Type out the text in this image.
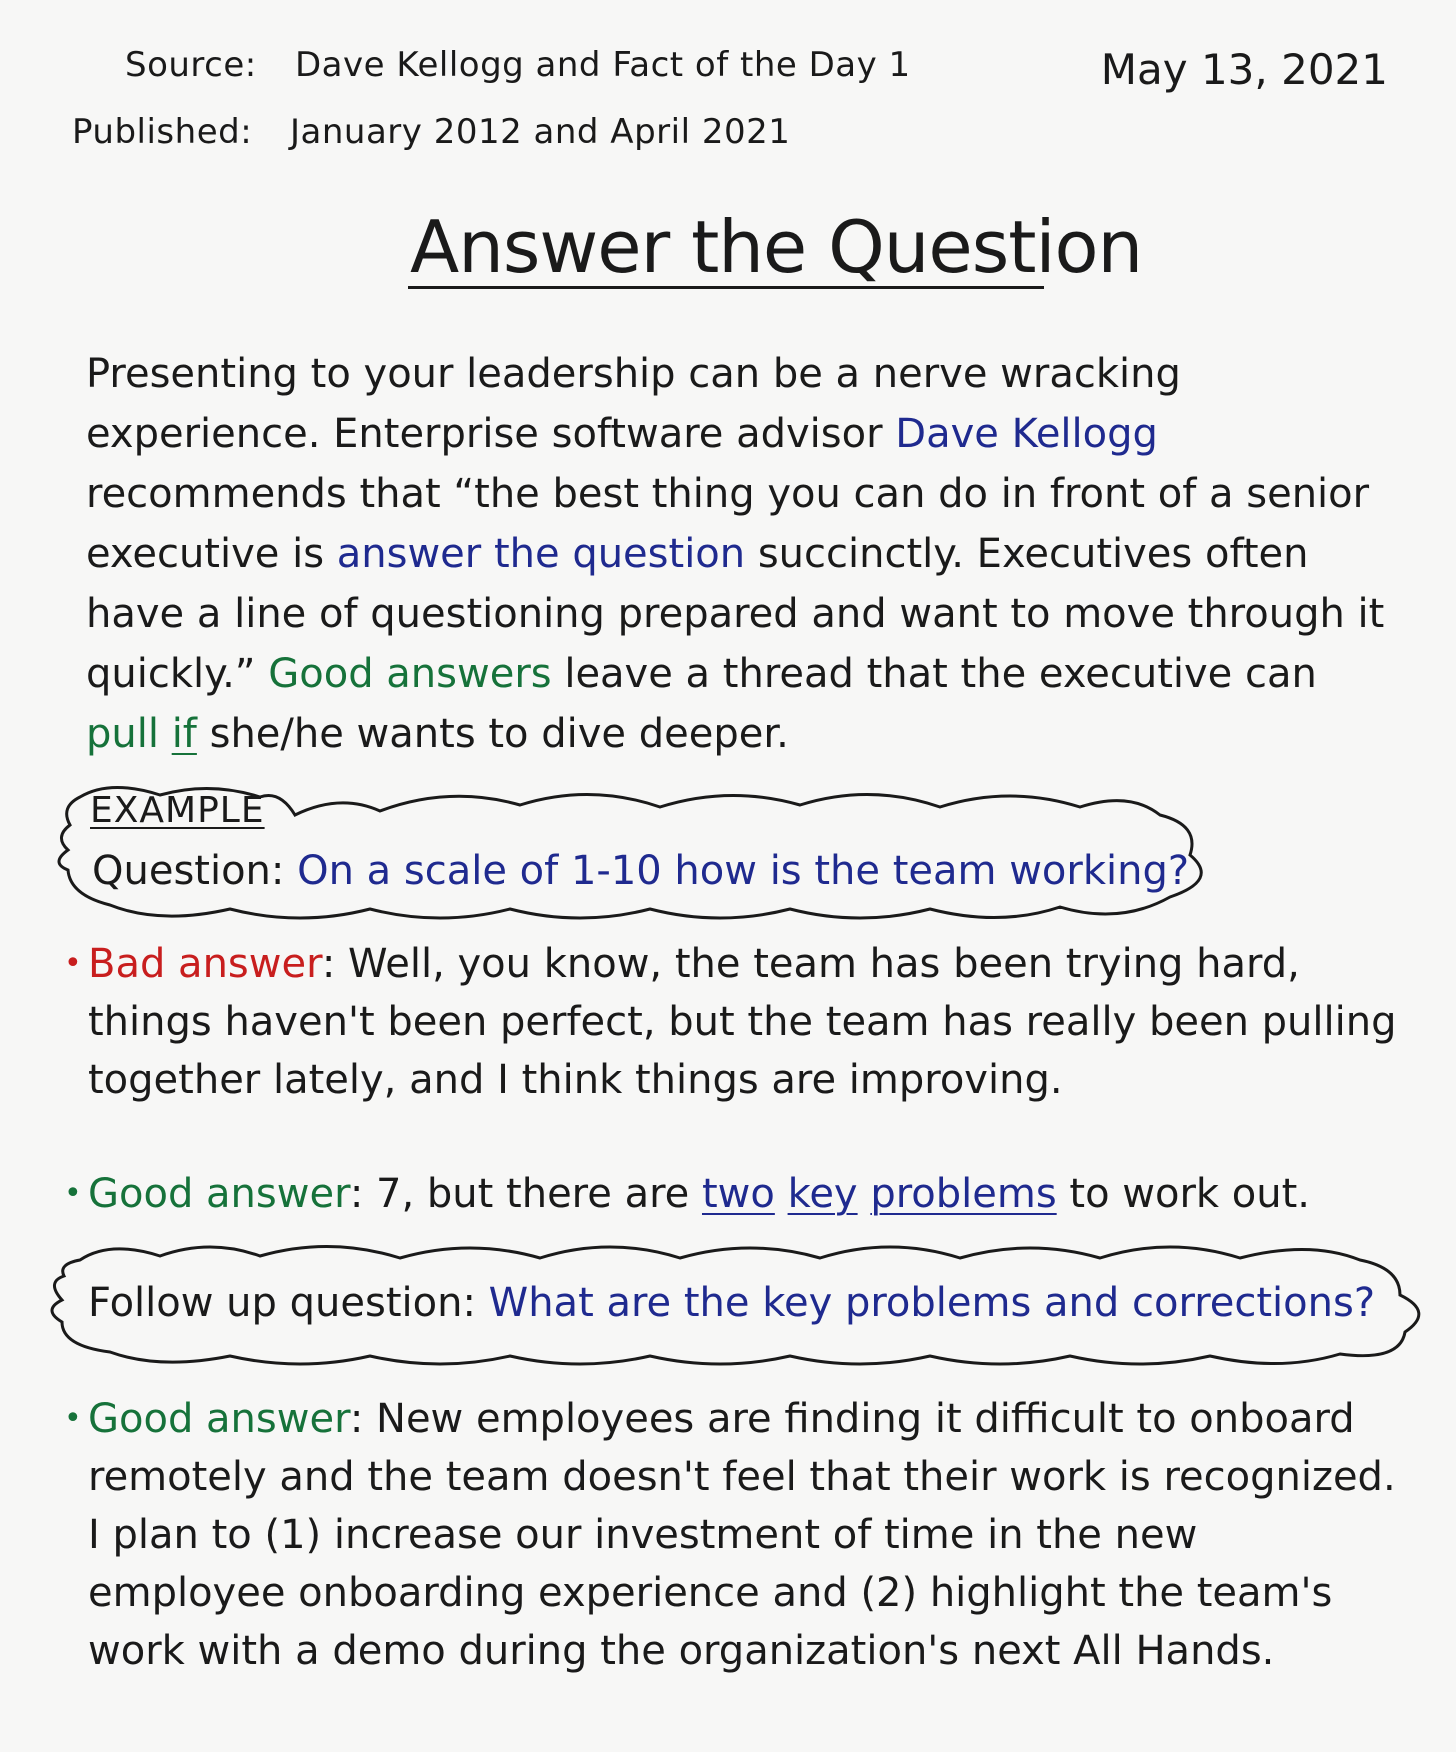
Source: Dave Kellogg and Fact of the Day 1
Published: January 2012 and April 2021
May 13, 2021
Answer the Question
Presenting to your leadership can be a nerve wracking experience. Enterprise software advisor Dave Kellogg recommends that “the best thing you can do in front of a senior executive is answer the question succinctly. Executives often have a line of questioning prepared and want to move through it quickly.” Good answers leave a thread that the executive can pull if she/he wants to dive deeper.
EXAMPLE
Question: On a scale of 1-10 how is the team working?
• Bad answer: Well, you know, the team has been trying hard, things haven't been perfect, but the team has really been pulling together lately, and I think things are improving.
• Good answer: 7, but there are two key problems to work out.
Follow up question: What are the key problems and corrections?
• Good answer: New employees are finding it difficult to onboard remotely and the team doesn't feel that their work is recognized. I plan to (1) increase our investment of time in the new employee onboarding experience and (2) highlight the team's work with a demo during the organization's next All Hands.
